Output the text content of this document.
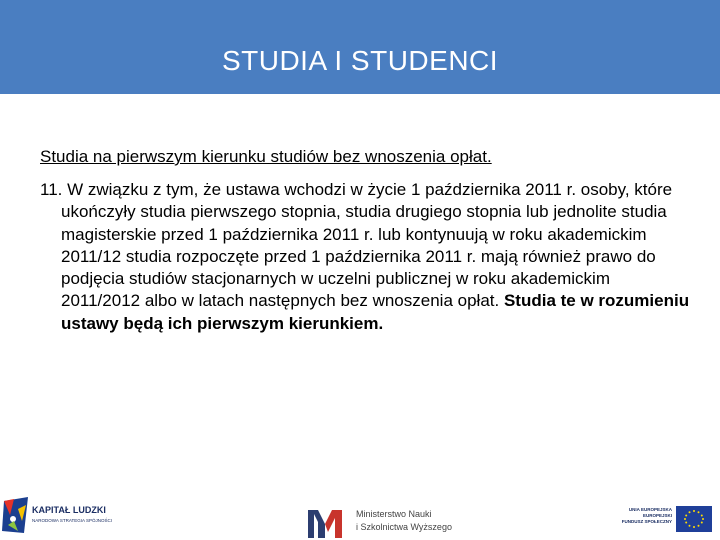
STUDIA I STUDENCI

Studia na pierwszym kierunku studiów bez wnoszenia opłat.

11. W związku z tym, że ustawa wchodzi w życie 1 października 2011 r. osoby, które ukończyły studia pierwszego stopnia, studia drugiego stopnia lub jednolite studia magisterskie przed 1 października 2011 r. lub kontynuują w roku akademickim 2011/12 studia rozpoczęte przed 1 października 2011 r. mają również prawo do podjęcia studiów stacjonarnych w uczelni publicznej w roku akademickim 2011/2012 albo w latach następnych bez wnoszenia opłat. Studia te w rozumieniu ustawy będą ich pierwszym kierunkiem.

KAPITAŁ LUDZKI
NARODOWA STRATEGIA SPÓJNOŚCI
Ministerstwo Nauki
i Szkolnictwa Wyższego
UNIA EUROPEJSKA
EUROPEJSKI
FUNDUSZ SPOŁECZNY
